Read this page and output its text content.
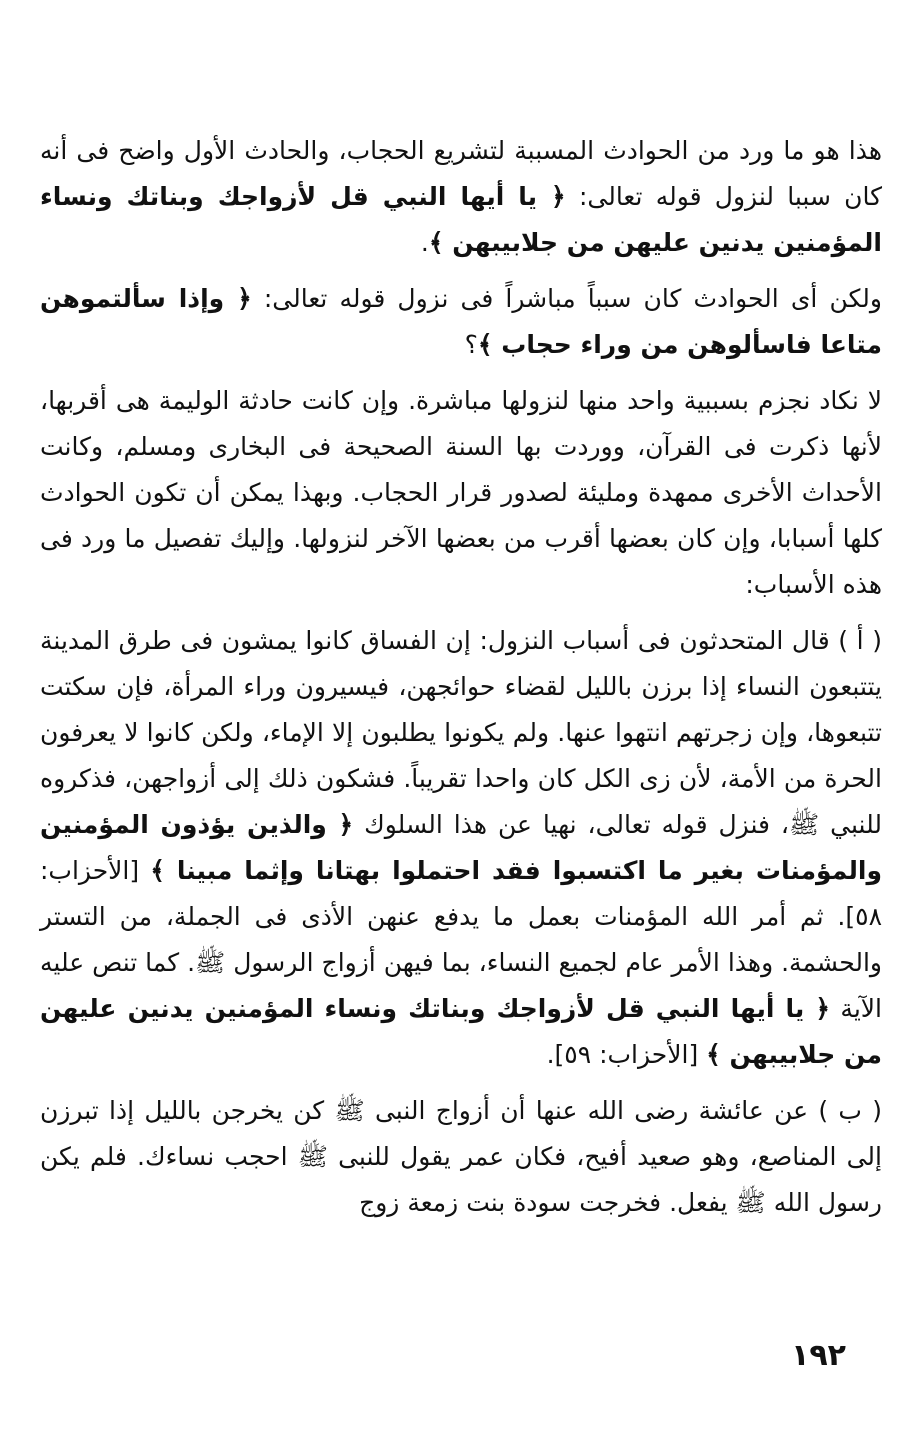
هذا هو ما ورد من الحوادث المسببة لتشريع الحجاب، والحادث الأول واضح فى أنه كان سببا لنزول قوله تعالى: ﴿ يا أيها النبي قل لأزواجك وبناتك ونساء المؤمنين يدنين عليهن من جلابيبهن ﴾.

ولكن أى الحوادث كان سبباً مباشراً فى نزول قوله تعالى: ﴿ وإذا سألتموهن متاعا فاسألوهن من وراء حجاب ﴾؟

لا نكاد نجزم بسببية واحد منها لنزولها مباشرة. وإن كانت حادثة الوليمة هى أقربها، لأنها ذكرت فى القرآن، ووردت بها السنة الصحيحة فى البخارى ومسلم، وكانت الأحداث الأخرى ممهدة ومليئة لصدور قرار الحجاب. وبهذا يمكن أن تكون الحوادث كلها أسبابا، وإن كان بعضها أقرب من بعضها الآخر لنزولها. وإليك تفصيل ما ورد فى هذه الأسباب:

( أ ) قال المتحدثون فى أسباب النزول: إن الفساق كانوا يمشون فى طرق المدينة يتتبعون النساء إذا برزن بالليل لقضاء حوائجهن، فيسيرون وراء المرأة، فإن سكتت تتبعوها، وإن زجرتهم انتهوا عنها. ولم يكونوا يطلبون إلا الإماء، ولكن كانوا لا يعرفون الحرة من الأمة، لأن زى الكل كان واحدا تقريباً. فشكون ذلك إلى أزواجهن، فذكروه للنبي ﷺ، فنزل قوله تعالى، نهيا عن هذا السلوك ﴿ والذين يؤذون المؤمنين والمؤمنات بغير ما اكتسبوا فقد احتملوا بهتانا وإثما مبينا ﴾ [الأحزاب: ٥٨]. ثم أمر الله المؤمنات بعمل ما يدفع عنهن الأذى فى الجملة، من التستر والحشمة. وهذا الأمر عام لجميع النساء، بما فيهن أزواج الرسول ﷺ. كما تنص عليه الآية ﴿ يا أيها النبي قل لأزواجك وبناتك ونساء المؤمنين يدنين عليهن من جلابيبهن ﴾ [الأحزاب: ٥٩].

( ب ) عن عائشة رضى الله عنها أن أزواج النبى ﷺ كن يخرجن بالليل إذا تبرزن إلى المناصع، وهو صعيد أفيح، فكان عمر يقول للنبى ﷺ احجب نساءك. فلم يكن رسول الله ﷺ يفعل. فخرجت سودة بنت زمعة زوج

١٩٢
